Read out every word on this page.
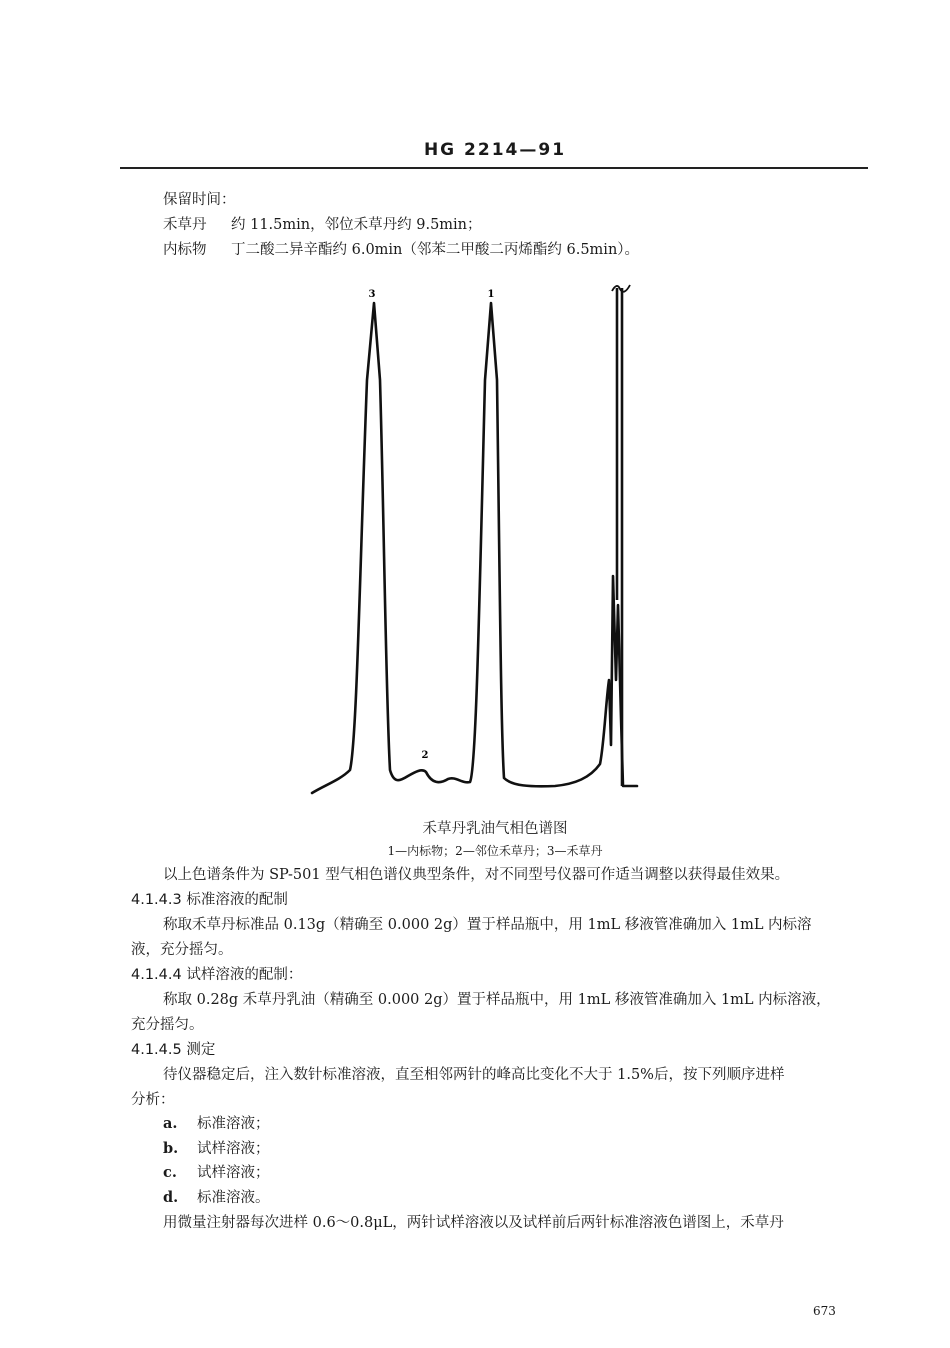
HG 2214—91
保留时间：
禾草丹 约 11.5min，邻位禾草丹约 9.5min；
内标物 丁二酸二异辛酯约 6.0min（邻苯二甲酸二丙烯酯约 6.5min）。
3
2
1
禾草丹乳油气相色谱图
1—内标物；2—邻位禾草丹；3—禾草丹
以上色谱条件为 SP-501 型气相色谱仪典型条件，对不同型号仪器可作适当调整以获得最佳效果。
4.1.4.3 标准溶液的配制
称取禾草丹标准品 0.13g（精确至 0.000 2g）置于样品瓶中，用 1mL 移液管准确加入 1mL 内标溶
液，充分摇匀。
4.1.4.4 试样溶液的配制：
称取 0.28g 禾草丹乳油（精确至 0.000 2g）置于样品瓶中，用 1mL 移液管准确加入 1mL 内标溶液，
充分摇匀。
4.1.4.5 测定
待仪器稳定后，注入数针标准溶液，直至相邻两针的峰高比变化不大于 1.5%后，按下列顺序进样
分析：
a. 标准溶液；
b. 试样溶液；
c. 试样溶液；
d. 标准溶液。
用微量注射器每次进样 0.6～0.8μL，两针试样溶液以及试样前后两针标准溶液色谱图上，禾草丹
673
